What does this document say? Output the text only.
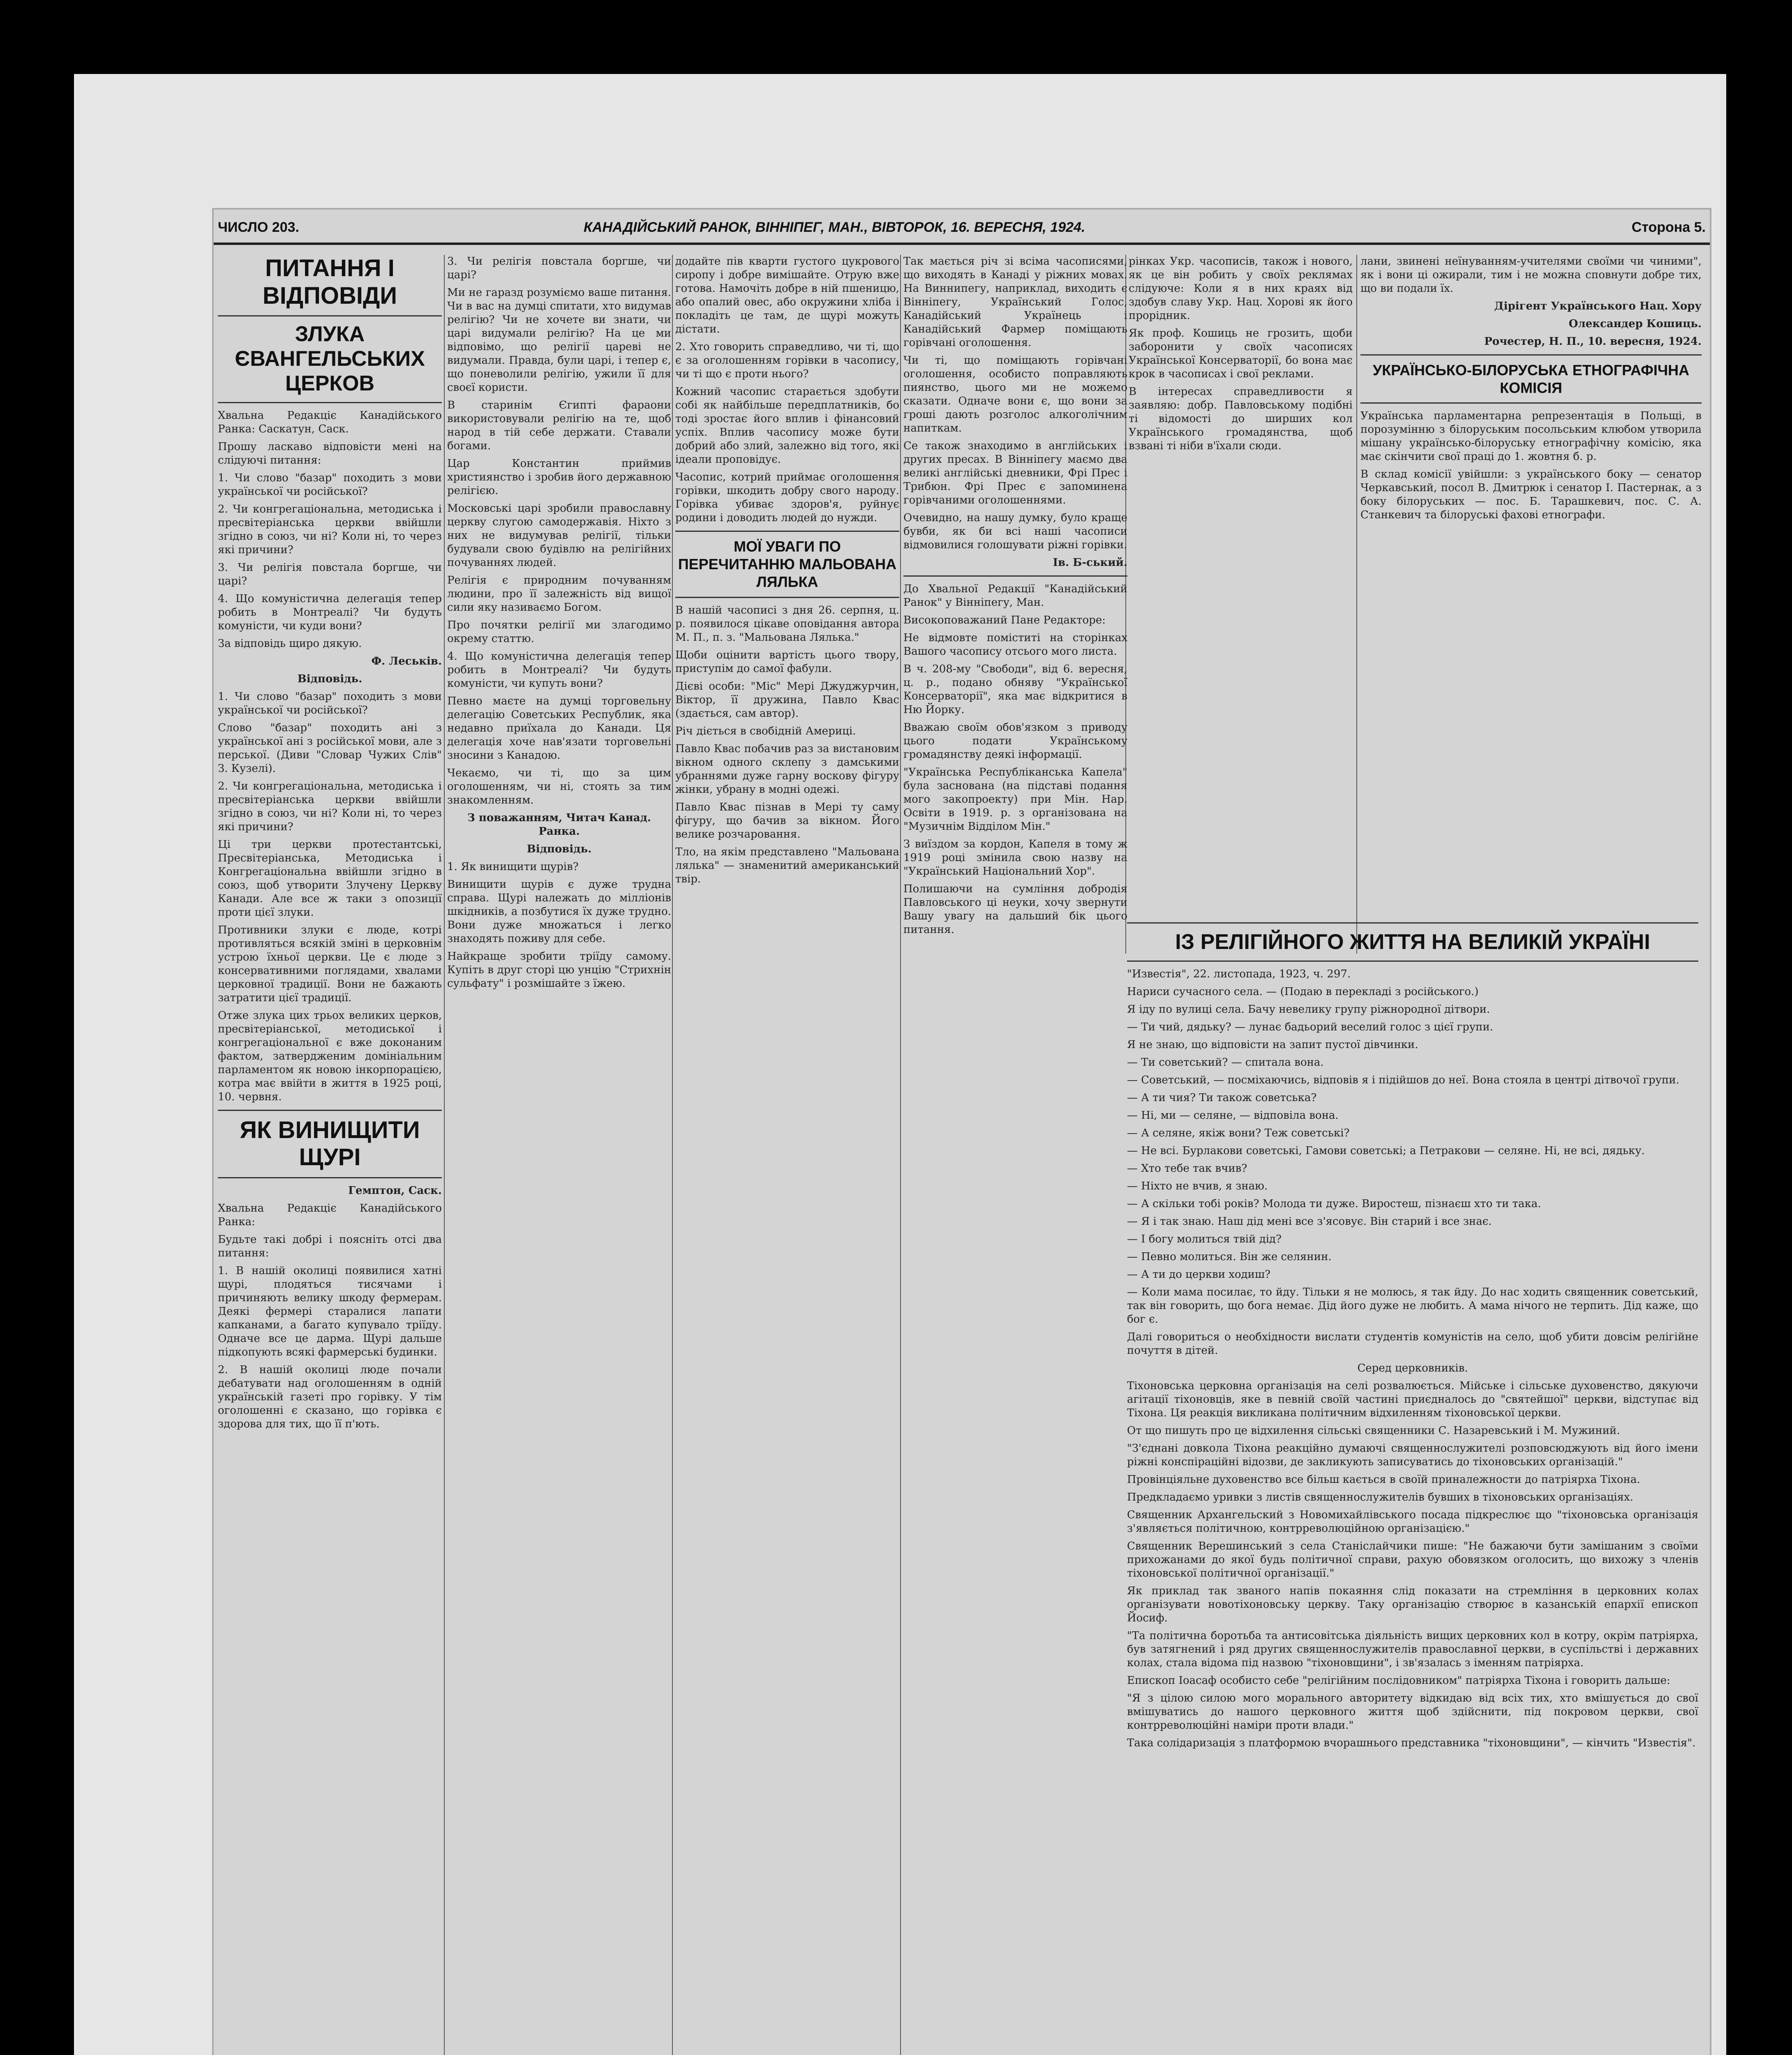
ЧИСЛО 203.	КАНАДІЙСЬКИЙ РАНОК, ВІННІПЕГ, МАН., ВІВТОРОК, 16. ВЕРЕСНЯ, 1924.	Сторона 5.
ПИТАННЯ І ВІДПОВІДИ
ЗЛУКА ЄВАНГЕЛЬСЬКИХ ЦЕРКОВ

Хвальна Редакціє Канадійського Ранка: Саскатун, Саск.

Прошу ласкаво відповісти мені на слідуючі питання:

1. Чи слово "базар" походить з мови української чи російської?

2. Чи конгрегаціональна, методиська і пресвітеріанська церкви ввійшли згідно в союз, чи ні? Коли ні, то через які причини?

3. Чи релігія повстала боргше, чи царі?

4. Що комуністична делегація тепер робить в Монтреалі? Чи будуть комуністи, чи куди вони?

За відповідь щиро дякую.

Ф. Леськів.

Відповідь.

1. Чи слово "базар" походить з мови української чи російської?

Слово "базар" походить ані з української ані з російської мови, але з перської. (Диви "Словар Чужих Слів" З. Кузелі).

2. Чи конгрегаціональна, методиська і пресвітеріанська церкви ввійшли згідно в союз, чи ні? Коли ні, то через які причини?

Ці три церкви протестантські, Пресвітеріанська, Методиська і Конгрегаціональна ввійшли згідно в союз, щоб утворити Злучену Церкву Канади. Але все ж таки з опозиції проти цієї злуки.

Противники злуки є люде, котрі противляться всякій зміні в церковнім устрою їхньої церкви. Це є люде з консервативними поглядами, хвалами церковної традиції. Вони не бажають затратити цієї традиції.

Отже злука цих трьох великих церков, пресвітеріанської, методиської і конгрегаціональної є вже доконаним фактом, затвердженим домініальним парламентом як новою інкорпорацією, котра має ввійти в життя в 1925 році, 10. червня.

ЯК ВИНИЩИТИ ЩУРІ

Гемптон, Саск.

Хвальна Редакціє Канадійського Ранка:

Будьте такі добрі і поясніть отсі два питання:

1. В нашій околиці появилися хатні щурі, плодяться тисячами і причиняють велику шкоду фермерам. Деякі фермері старалися лапати капканами, а багато купувало тріїду. Одначе все це дарма. Щурі дальше підкопують всякі фармерські будинки.

2. В нашій околиці люде почали дебатувати над оголошенням в одній українській газеті про горівку. У тім оголошенні є сказано, що горівка є здорова для тих, що її п'ють.

3. Чи релігія повстала боргше, чи царі?

Ми не гаразд розуміємо ваше питання. Чи в вас на думці спитати, хто видумав релігію? Чи не хочете ви знати, чи царі видумали релігію? На це ми відповімо, що релігії цареві не видумали. Правда, були царі, і тепер є, що поневолили релігію, ужили її для своєї користи.

В старинім Єгипті фараони використовували релігію на те, щоб народ в тій себе держати. Ставали богами.

Цар Константин приймив християнство і зробив його державною релігією.

Московські царі зробили православну церкву слугою самодержавія. Ніхто з них не видумував релігії, тільки будували свою будівлю на релігійних почуваннях людей.

Релігія є природним почуванням людини, про її залежність від вищої сили яку називаємо Богом.

Про почятки релігії ми злагодимо окрему статтю.

4. Що комуністична делегація тепер робить в Монтреалі? Чи будуть комуністи, чи купуть вони?

Певно маєте на думці торговельну делегацію Советських Республик, яка недавно приїхала до Канади. Ця делегація хоче нав'язати торговельні зносини з Канадою.

Чекаємо, чи ті, що за цим оголошенням, чи ні, стоять за тим знакомленням.

З поважанням, Читач Канад. Ранка.

Відповідь.

1. Як винищити щурів?

Винищити щурів є дуже трудна справа. Щурі належать до мілліонів шкідників, а позбутися їх дуже трудно. Вони дуже множаться і легко знаходять поживу для себе.

Найкраще зробити тріїду самому. Купіть в друг сторі цю унцію "Стрихнін сульфату" і розмішайте з їжею.

додайте пів кварти густого цукрового сиропу і добре вимішайте. Отрую вже готова. Намочіть добре в ній пшеницю, або опалий овес, або окружини хліба і покладіть це там, де щурі можуть дістати.

2. Хто говорить справедливо, чи ті, що є за оголошенням горівки в часопису, чи ті що є проти нього?

Кожний часопис старається здобути собі як найбільше передплатників, бо тоді зростає його вплив і фінансовий успіх. Вплив часопису може бути добрий або злий, залежно від того, які ідеали проповідує.

Часопис, котрий приймає оголошення горівки, шкодить добру свого народу. Горівка убиває здоров'я, руйнує родини і доводить людей до нужди.

МОЇ УВАГИ ПО ПЕРЕЧИТАННЮ МАЛЬОВАНА ЛЯЛЬКА

В нашій часописі з дня 26. серпня, ц. р. появилося цікаве оповідання автора М. П., п. з. "Мальована Лялька."

Щоби оцінити вартість цього твору, приступім до самої фабули.

Дієві особи: "Міс" Мері Джуджурчин, Віктор, її дружина, Павло Квас (здається, сам автор).

Річ діється в свобідній Америці.

Павло Квас побачив раз за вистановим вікном одного склепу з дамськими убраннями дуже гарну воскову фігуру жінки, убрану в модні одежі.

Павло Квас пізнав в Мері ту саму фігуру, що бачив за вікном. Його велике розчаровання.

Тло, на якім представлено "Мальована лялька" — знаменитий американський твір.

Так мається річ зі всіма часописями, що виходять в Канаді у ріжних мовах. На Виннипегу, наприклад, виходить є Вінніпегу, Український Голос, Канадійський Українець і Канадійський Фармер поміщають горівчані оголошення.

Чи ті, що поміщають горівчані оголошення, особисто поправляють пиянство, цього ми не можемо сказати. Одначе вони є, що вони за гроші дають розголос алкоголічним напиткам.

Се також знаходимо в англійських і других пресах. В Вінніпегу маємо два великі англійські дневники, Фрі Прес і Трибюн. Фрі Прес є запоминена горівчаними оголошеннями.

Очевидно, на нашу думку, було краще бувби, як би всі наші часописи відмовилися голошувати ріжні горівки.

Ів. Б-ський.

До Хвальної Редакції "Канадійський Ранок" у Вінніпегу, Ман.

Високоповажаний Пане Редакторе:

Не відмовте поміститі на сторінках Вашого часопису отсього мого листа.

В ч. 208-му "Свободи", від 6. вересня, ц. р., подано обняву "Української Консерваторії", яка має відкритися в Ню Йорку.

Вважаю своїм обов'язком з приводу цього подати Українському громадянству деякі інформації.

"Українська Республіканська Капела" була заснована (на підставі подання мого закопроекту) при Мін. Нар. Освіти в 1919. р. з організована на "Музичнім Відділом Мін."

З виїздом за кордон, Капеля в тому ж 1919 році змінила свою назву на "Український Національний Хор".

Полишаючи на сумління добродія Павловського ці неуки, хочу звернути Вашу увагу на дальший бік цього питання.

рінках Укр. часописів, також і нового, як це він робить у своїх реклямах слідуюче: Коли я в них краях від здобув славу Укр. Нац. Хорові як його прорідник.

Як проф. Кошиць не грозить, щоби заборонити у своїх часописях Української Консерваторії, бо вона має крок в часописах і свої реклами.

В інтересах справедливости я заявляю: добр. Павловському подібні ті відомості до ширших кол Українського громадянства, щоб взвані ті ніби в'їхали сюди.

лани, звинені неїнуванням-учителями своїми чи чиними", як і вони ці ожирали, тим і не можна сповнути добре тих, що ви подали їх.

Дірігент Українського Нац. Хору

Олександер Кошиць.

Рочестер, Н. П., 10. вересня, 1924.

УКРАЇНСЬКО-БІЛОРУСЬКА ЕТНОГРАФІЧНА КОМІСІЯ

Українська парламентарна репрезентація в Польщі, в порозумінню з білоруським посольським клюбом утворила мішану українсько-білоруську етнографічну комісію, яка має скінчити свої праці до 1. жовтня б. р.

В склад комісії увійшли: з українського боку — сенатор Черкавський, посол В. Дмитрюк і сенатор І. Пастернак, а з боку білоруських — пос. Б. Тарашкевич, пос. С. А. Станкевич та білоруські фахові етнографи.

ІЗ РЕЛІГІЙНОГО ЖИТТЯ НА ВЕЛИКІЙ УКРАЇНІ

"Известія", 22. листопада, 1923, ч. 297.

Нариси сучасного села. — (Подаю в перекладі з російського.)

Я іду по вулиці села. Бачу невелику групу ріжнородної дітвори.

— Ти чий, дядьку? — лунає бадьорий веселий голос з цієї групи.

Я не знаю, що відповісти на запит пустої дівчинки.

— Ти советський? — спитала вона.

— Советський, — посміхаючись, відповів я і підійшов до неї. Вона стояла в центрі дітвочої групи.

— А ти чия? Ти також советська?

— Ні, ми — селяне, — відповіла вона.

— А селяне, якіж вони? Теж советські?

— Не всі. Бурлакови советські, Гамови советські; а Петракови — селяне. Ні, не всі, дядьку.

— Хто тебе так вчив?

— Ніхто не вчив, я знаю.

— А скільки тобі років? Молода ти дуже. Виростеш, пізнаєш хто ти така.

— Я і так знаю. Наш дід мені все з'ясовує. Він старий і все знає.

— І богу молиться твій дід?

— Певно молиться. Він же селянин.

— А ти до церкви ходиш?

— Коли мама посилає, то йду. Тільки я не молюсь, я так йду. До нас ходить священник советський, так він говорить, що бога немає. Дід його дуже не любить. А мама нічого не терпить. Дід каже, що бог є.

Далі говориться о необхідности вислати студентів комуністів на село, щоб убити довсім релігійне почуття в дітей.

Серед церковників.

Тіхоновська церковна організація на селі розвалюється. Мійське і сільське духовенство, дякуючи агітації тіхоновців, яке в певній своїй частині приєдналось до "святейшої" церкви, відступає від Тіхона. Ця реакція викликана політичним відхиленням тіхоновської церкви.

От що пишуть про це відхилення сільські священники С. Назаревський і М. Мужиний.

"З'єднані довкола Тіхона реакційно думаючі священнослужителі розповсюджують від його імени ріжні конспіраційні відозви, де закликують записуватись до тіхоновських організацій."

Провінціяльне духовенство все більш кається в своїй приналежности до патріярха Тіхона.

Предкладаємо уривки з листів священнослужителів бувших в тіхоновських організаціях.

Священник Архангельский з Новомихайлівського посада підкреслює що "тіхоновська організація з'являється політичною, контрреволюційною організацією."

Священник Верешинський з села Станіслайчики пише: "Не бажаючи бути замішаним з своїми прихожанами до якої будь політичної справи, рахую обовязком оголосить, що вихожу з членів тіхоновської політичної організації."

Як приклад так званого напів покаяння слід показати на стремління в церковних колах організувати новотіхоновську церкву. Таку організацію створює в казанській епархії епископ Йосиф.

"Та політична боротьба та антисовітська діяльність вищих церковних кол в котру, окрім патріярха, був затягнений і ряд других священнослужителів православної церкви, в суспільстві і державних колах, стала відома під назвою "тіхоновщини", і зв'язалась з іменням патріярха.

Епископ Іоасаф особисто себе "релігійним послідовником" патріярха Тіхона і говорить дальше:

"Я з цілою силою мого морального авторитету відкидаю від всіх тих, хто вмішується до свої вмішуватись до нашого церковного життя щоб здійснити, під покровом церкви, свої контрреволюційні наміри проти влади."

Така солідаризація з платформою вчорашнього представника "тіхоновщини", — кінчить "Известія".
